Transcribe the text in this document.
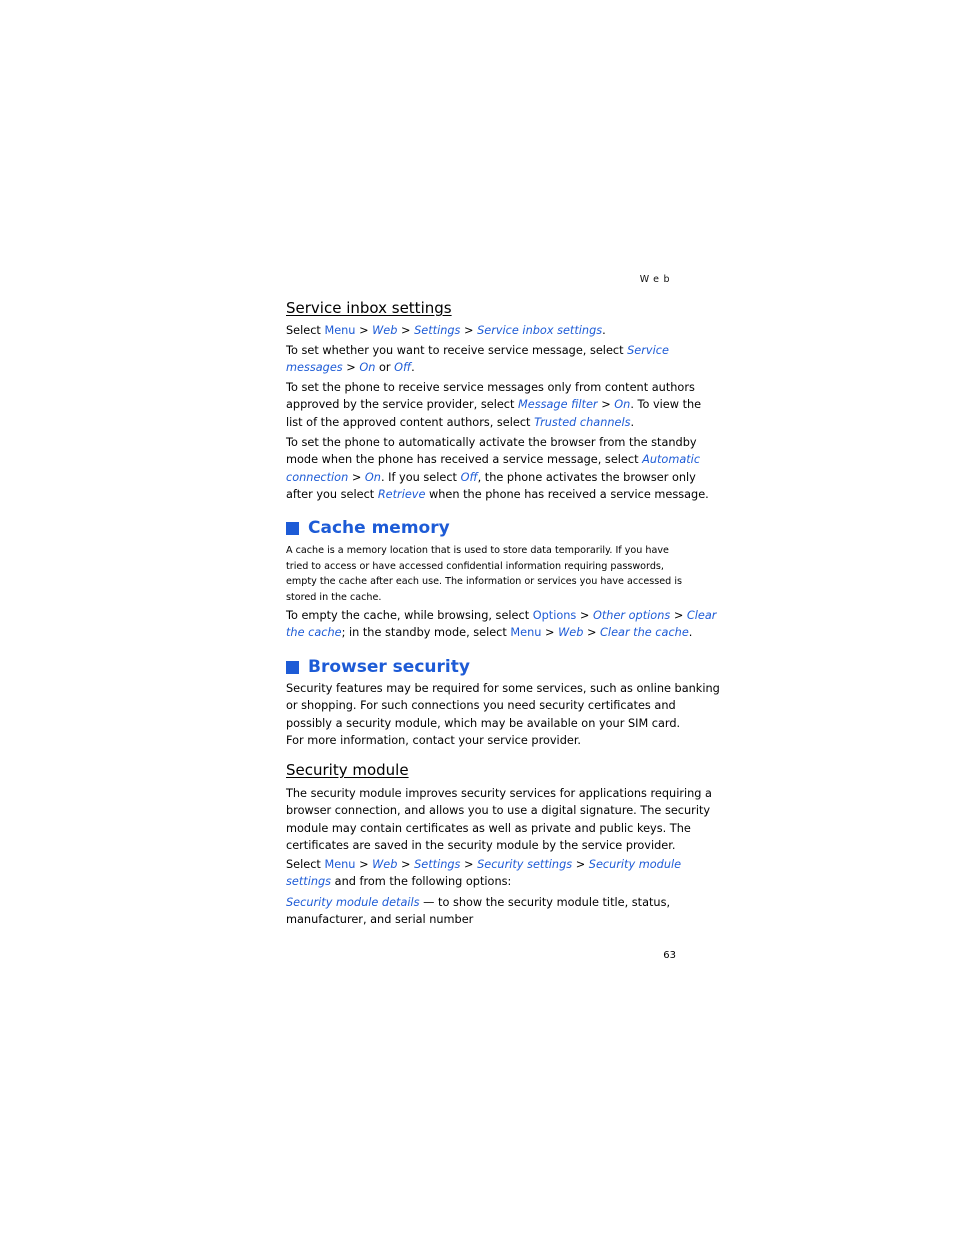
Web
Service inbox settings
Select Menu > Web > Settings > Service inbox settings.
To set whether you want to receive service message, select Service
messages > On or Off.
To set the phone to receive service messages only from content authors
approved by the service provider, select Message filter > On. To view the
list of the approved content authors, select Trusted channels.
To set the phone to automatically activate the browser from the standby
mode when the phone has received a service message, select Automatic
connection > On. If you select Off, the phone activates the browser only
after you select Retrieve when the phone has received a service message.
Cache memory
A cache is a memory location that is used to store data temporarily. If you have
tried to access or have accessed confidential information requiring passwords,
empty the cache after each use. The information or services you have accessed is
stored in the cache.
To empty the cache, while browsing, select Options > Other options > Clear
the cache; in the standby mode, select Menu > Web > Clear the cache.
Browser security
Security features may be required for some services, such as online banking
or shopping. For such connections you need security certificates and
possibly a security module, which may be available on your SIM card.
For more information, contact your service provider.
Security module
The security module improves security services for applications requiring a
browser connection, and allows you to use a digital signature. The security
module may contain certificates as well as private and public keys. The
certificates are saved in the security module by the service provider.
Select Menu > Web > Settings > Security settings > Security module
settings and from the following options:
Security module details — to show the security module title, status,
manufacturer, and serial number
63
